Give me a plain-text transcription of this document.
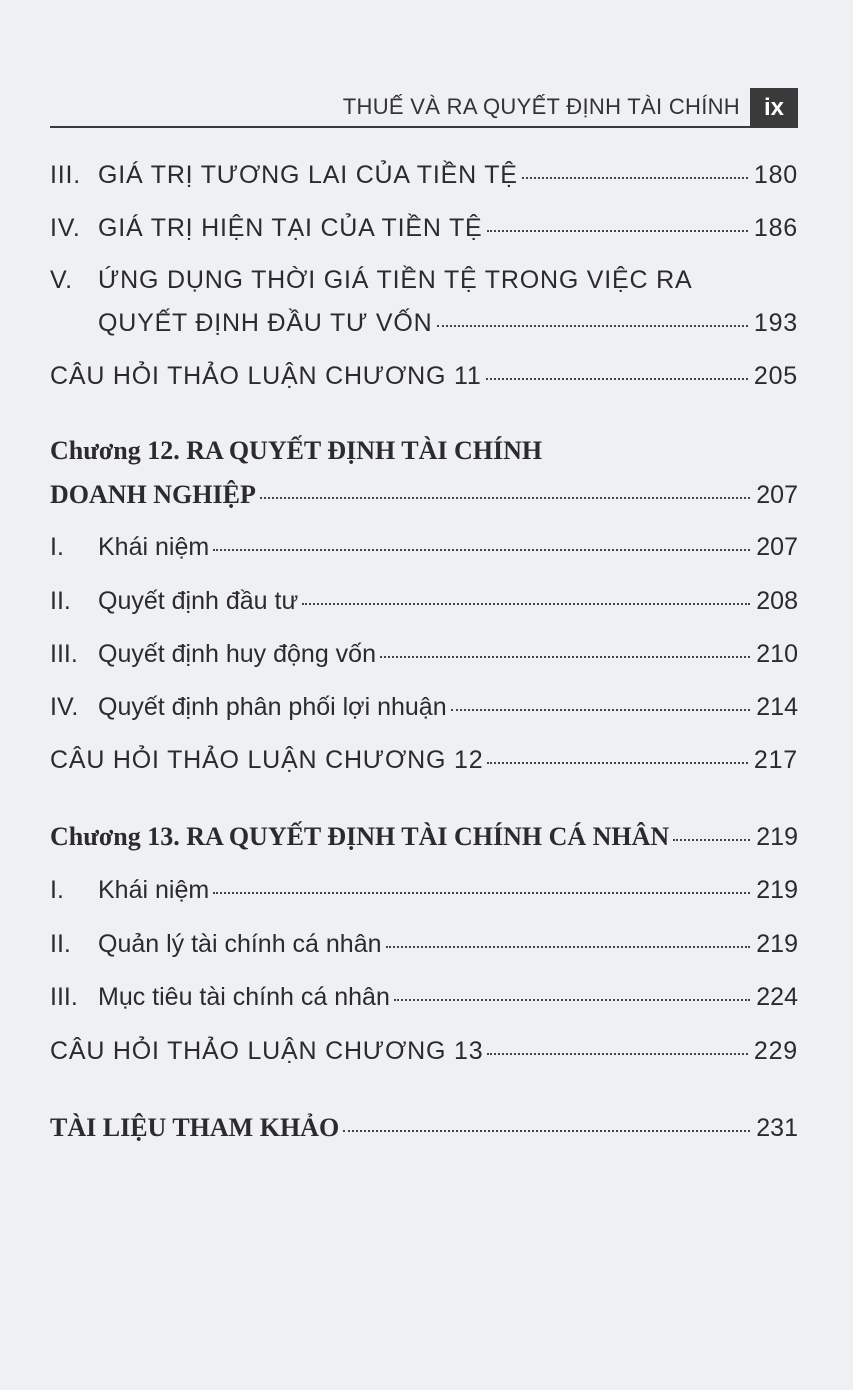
THUẾ VÀ RA QUYẾT ĐỊNH TÀI CHÍNH ix
III. GIÁ TRỊ TƯƠNG LAI CỦA TIỀN TỆ	180
IV. GIÁ TRỊ HIỆN TẠI CỦA TIỀN TỆ	186
V. ỨNG DỤNG THỜI GIÁ TIỀN TỆ TRONG VIỆC RA
QUYẾT ĐỊNH ĐẦU TƯ VỐN	193
CÂU HỎI THẢO LUẬN CHƯƠNG 11	205
Chương 12. RA QUYẾT ĐỊNH TÀI CHÍNH
DOANH NGHIỆP	207
I.	Khái niệm	207
II.	Quyết định đầu tư	208
III. Quyết định huy động vốn	210
IV. Quyết định phân phối lợi nhuận	214
CÂU HỎI THẢO LUẬN CHƯƠNG 12	217
Chương 13. RA QUYẾT ĐỊNH TÀI CHÍNH CÁ NHÂN	219
I.	Khái niệm	219
II.	Quản lý tài chính cá nhân	219
III. Mục tiêu tài chính cá nhân	224
CÂU HỎI THẢO LUẬN CHƯƠNG 13	229
TÀI LIỆU THAM KHẢO	231
